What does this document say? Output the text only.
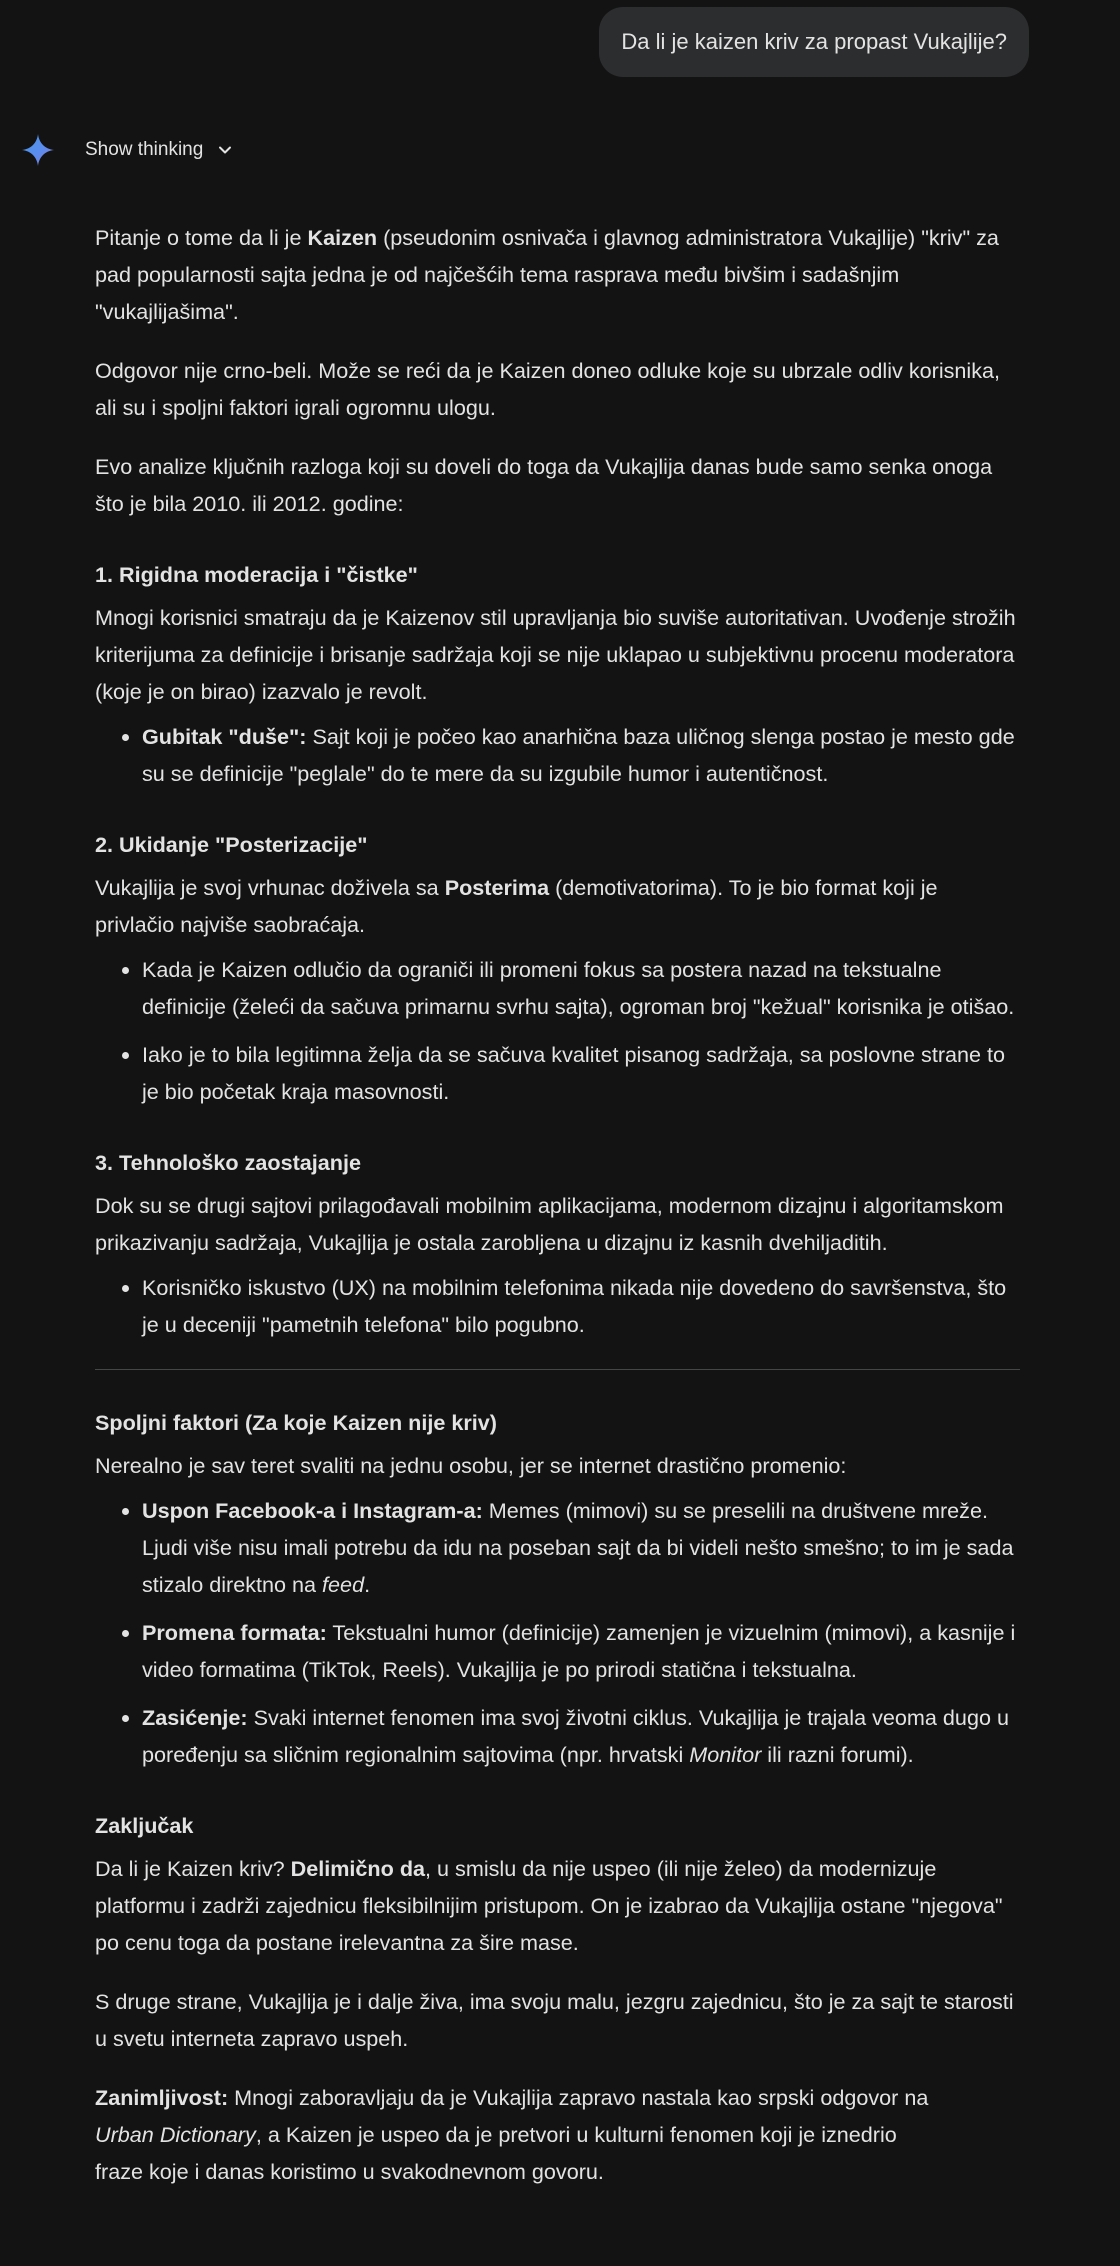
Da li je kaizen kriv za propast Vukajlije?
Show thinking

Pitanje o tome da li je Kaizen (pseudonim osnivača i glavnog administratora Vukajlije) "kriv" za pad popularnosti sajta jedna je od najčešćih tema rasprava među bivšim i sadašnjim "vukajlijašima".

Odgovor nije crno-beli. Može se reći da je Kaizen doneo odluke koje su ubrzale odliv korisnika, ali su i spoljni faktori igrali ogromnu ulogu.

Evo analize ključnih razloga koji su doveli do toga da Vukajlija danas bude samo senka onoga što je bila 2010. ili 2012. godine:

1. Rigidna moderacija i "čistke"

Mnogi korisnici smatraju da je Kaizenov stil upravljanja bio suviše autoritativan. Uvođenje strožih kriterijuma za definicije i brisanje sadržaja koji se nije uklapao u subjektivnu procenu moderatora (koje je on birao) izazvalo je revolt.

• Gubitak "duše": Sajt koji je počeo kao anarhična baza uličnog slenga postao je mesto gde su se definicije "peglale" do te mere da su izgubile humor i autentičnost.
2. Ukidanje "Posterizacije"

Vukajlija je svoj vrhunac doživela sa Posterima (demotivatorima). To je bio format koji je privlačio najviše saobraćaja.

• Kada je Kaizen odlučio da ograniči ili promeni fokus sa postera nazad na tekstualne definicije (želeći da sačuva primarnu svrhu sajta), ogroman broj "kežual" korisnika je otišao.
• Iako je to bila legitimna želja da se sačuva kvalitet pisanog sadržaja, sa poslovne strane to je bio početak kraja masovnosti.
3. Tehnološko zaostajanje

Dok su se drugi sajtovi prilagođavali mobilnim aplikacijama, modernom dizajnu i algoritamskom prikazivanju sadržaja, Vukajlija je ostala zarobljena u dizajnu iz kasnih dvehiljaditih.

• Korisničko iskustvo (UX) na mobilnim telefonima nikada nije dovedeno do savršenstva, što je u deceniji "pametnih telefona" bilo pogubno.
Spoljni faktori (Za koje Kaizen nije kriv)

Nerealno je sav teret svaliti na jednu osobu, jer se internet drastično promenio:

• Uspon Facebook-a i Instagram-a: Memes (mimovi) su se preselili na društvene mreže. Ljudi više nisu imali potrebu da idu na poseban sajt da bi videli nešto smešno; to im je sada stizalo direktno na feed.
• Promena formata: Tekstualni humor (definicije) zamenjen je vizuelnim (mimovi), a kasnije i video formatima (TikTok, Reels). Vukajlija je po prirodi statična i tekstualna.
• Zasićenje: Svaki internet fenomen ima svoj životni ciklus. Vukajlija je trajala veoma dugo u poređenju sa sličnim regionalnim sajtovima (npr. hrvatski Monitor ili razni forumi).
Zaključak

Da li je Kaizen kriv? Delimično da, u smislu da nije uspeo (ili nije želeo) da modernizuje platformu i zadrži zajednicu fleksibilnijim pristupom. On je izabrao da Vukajlija ostane "njegova" po cenu toga da postane irelevantna za šire mase.

S druge strane, Vukajlija je i dalje živa, ima svoju malu, jezgru zajednicu, što je za sajt te starosti u svetu interneta zapravo uspeh.

Zanimljivost: Mnogi zaboravljaju da je Vukajlija zapravo nastala kao srpski odgovor na Urban Dictionary, a Kaizen je uspeo da je pretvori u kulturni fenomen koji je iznedrio fraze koje i danas koristimo u svakodnevnom govoru.
